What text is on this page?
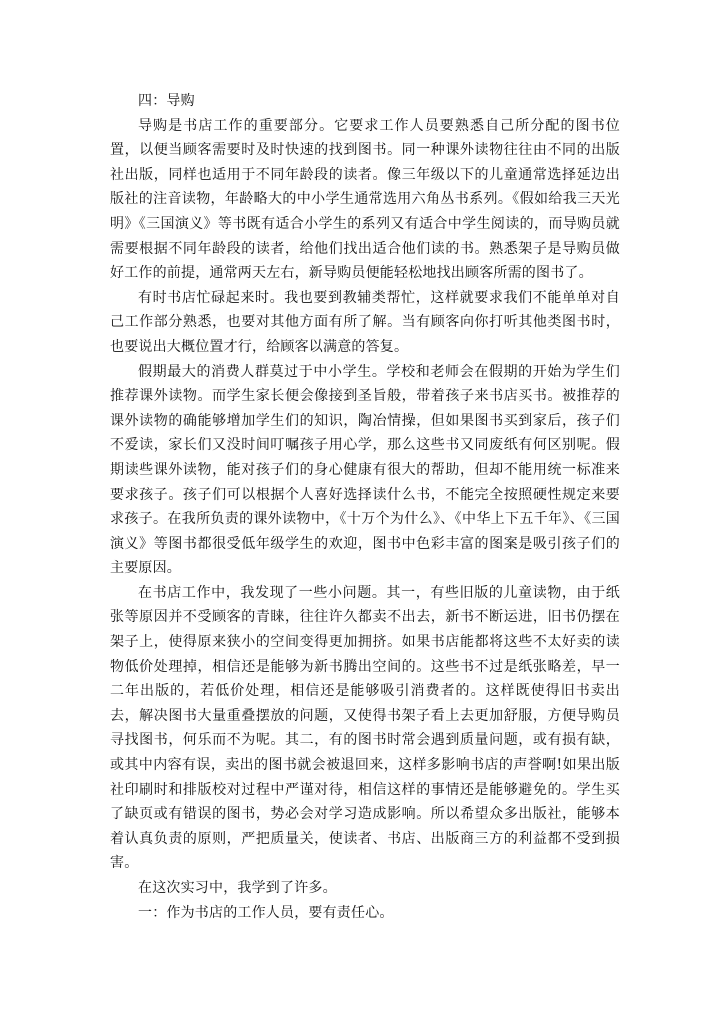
四：导购

导购是书店工作的重要部分。它要求工作人员要熟悉自己所分配的图书位置，以便当顾客需要时及时快速的找到图书。同一种课外读物往往由不同的出版社出版，同样也适用于不同年龄段的读者。像三年级以下的儿童通常选择延边出版社的注音读物，年龄略大的中小学生通常选用六角丛书系列。《假如给我三天光明》《三国演义》等书既有适合小学生的系列又有适合中学生阅读的，而导购员就需要根据不同年龄段的读者，给他们找出适合他们读的书。熟悉架子是导购员做好工作的前提，通常两天左右，新导购员便能轻松地找出顾客所需的图书了。

有时书店忙碌起来时。我也要到教辅类帮忙，这样就要求我们不能单单对自己工作部分熟悉，也要对其他方面有所了解。当有顾客向你打听其他类图书时，也要说出大概位置才行，给顾客以满意的答复。

假期最大的消费人群莫过于中小学生。学校和老师会在假期的开始为学生们推荐课外读物。而学生家长便会像接到圣旨般，带着孩子来书店买书。被推荐的课外读物的确能够增加学生们的知识，陶冶情操，但如果图书买到家后，孩子们不爱读，家长们又没时间叮嘱孩子用心学，那么这些书又同废纸有何区别呢。假期读些课外读物，能对孩子们的身心健康有很大的帮助，但却不能用统一标准来要求孩子。孩子们可以根据个人喜好选择读什么书，不能完全按照硬性规定来要求孩子。在我所负责的课外读物中，《十万个为什么》、《中华上下五千年》、《三国演义》等图书都很受低年级学生的欢迎，图书中色彩丰富的图案是吸引孩子们的主要原因。

在书店工作中，我发现了一些小问题。其一，有些旧版的儿童读物，由于纸张等原因并不受顾客的青睐，往往许久都卖不出去，新书不断运进，旧书仍摆在架子上，使得原来狭小的空间变得更加拥挤。如果书店能都将这些不太好卖的读物低价处理掉，相信还是能够为新书腾出空间的。这些书不过是纸张略差，早一二年出版的，若低价处理，相信还是能够吸引消费者的。这样既使得旧书卖出去，解决图书大量重叠摆放的问题，又使得书架子看上去更加舒服，方便导购员寻找图书，何乐而不为呢。其二，有的图书时常会遇到质量问题，或有损有缺，或其中内容有误，卖出的图书就会被退回来，这样多影响书店的声誉啊!如果出版社印刷时和排版校对过程中严谨对待，相信这样的事情还是能够避免的。学生买了缺页或有错误的图书，势必会对学习造成影响。所以希望众多出版社，能够本着认真负责的原则，严把质量关，使读者、书店、出版商三方的利益都不受到损害。

在这次实习中，我学到了许多。

一：作为书店的工作人员，要有责任心。
